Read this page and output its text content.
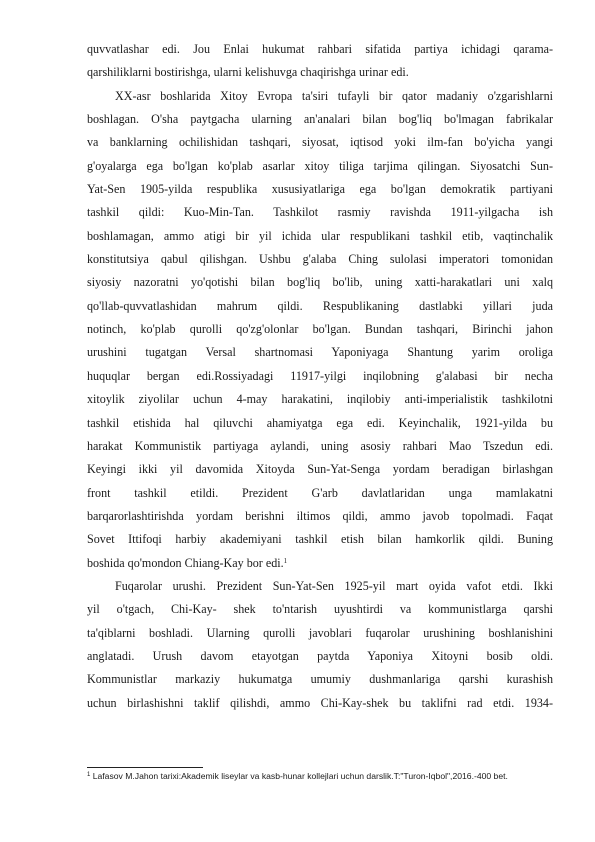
quvvatlashar edi. Jou Enlai hukumat rahbari sifatida partiya ichidagi qarama-
qarshiliklarni bostirishga, ularni kelishuvga chaqirishga urinar edi.

XX-asr boshlarida Xitoy Evropa ta'siri tufayli bir qator madaniy o'zgarishlarni
boshlagan. O'sha paytgacha ularning an'analari bilan bog'liq bo'lmagan fabrikalar
va banklarning ochilishidan tashqari, siyosat, iqtisod yoki ilm-fan bo'yicha yangi
g'oyalarga ega bo'lgan ko'plab asarlar xitoy tiliga tarjima qilingan. Siyosatchi Sun-
Yat-Sen 1905-yilda respublika xususiyatlariga ega bo'lgan demokratik partiyani
tashkil qildi: Kuo-Min-Tan. Tashkilot rasmiy ravishda 1911-yilgacha ish
boshlamagan, ammo atigi bir yil ichida ular respublikani tashkil etib, vaqtinchalik
konstitutsiya qabul qilishgan. Ushbu g'alaba Ching sulolasi imperatori tomonidan
siyosiy nazoratni yo'qotishi bilan bog'liq bo'lib, uning xatti-harakatlari uni xalq
qo'llab-quvvatlashidan mahrum qildi. Respublikaning dastlabki yillari juda
notinch, ko'plab qurolli qo'zg'olonlar bo'lgan. Bundan tashqari, Birinchi jahon
urushini tugatgan Versal shartnomasi Yaponiyaga Shantung yarim oroliga
huquqlar bergan edi.Rossiyadagi 11917-yilgi inqilobning g'alabasi bir necha
xitoylik ziyolilar uchun 4-may harakatini, inqilobiy anti-imperialistik tashkilotni
tashkil etishida hal qiluvchi ahamiyatga ega edi. Keyinchalik, 1921-yilda bu
harakat Kommunistik partiyaga aylandi, uning asosiy rahbari Mao Tszedun edi.
Keyingi ikki yil davomida Xitoyda Sun-Yat-Senga yordam beradigan birlashgan
front tashkil etildi. Prezident G'arb davlatlaridan unga mamlakatni
barqarorlashtirishda yordam berishni iltimos qildi, ammo javob topolmadi. Faqat
Sovet Ittifoqi harbiy akademiyani tashkil etish bilan hamkorlik qildi. Buning
boshida qo'mondon Chiang-Kay bor edi.$^1$

Fuqarolar urushi. Prezident Sun-Yat-Sen 1925-yil mart oyida vafot etdi. Ikki
yil o'tgach, Chi-Kay- shek to'ntarish uyushtirdi va kommunistlarga qarshi
ta'qiblarni boshladi. Ularning qurolli javoblari fuqarolar urushining boshlanishini
anglatadi. Urush davom etayotgan paytda Yaponiya Xitoyni bosib oldi.
Kommunistlar markaziy hukumatga umumiy dushmanlariga qarshi kurashish
uchun birlashishni taklif qilishdi, ammo Chi-Kay-shek bu taklifni rad etdi. 1934-

$^1$ Lafasov M.Jahon tarixi:Akademik liseylar va kasb-hunar kollejlari uchun darslik.T:"Turon-Iqbol",2016.-400 bet.
